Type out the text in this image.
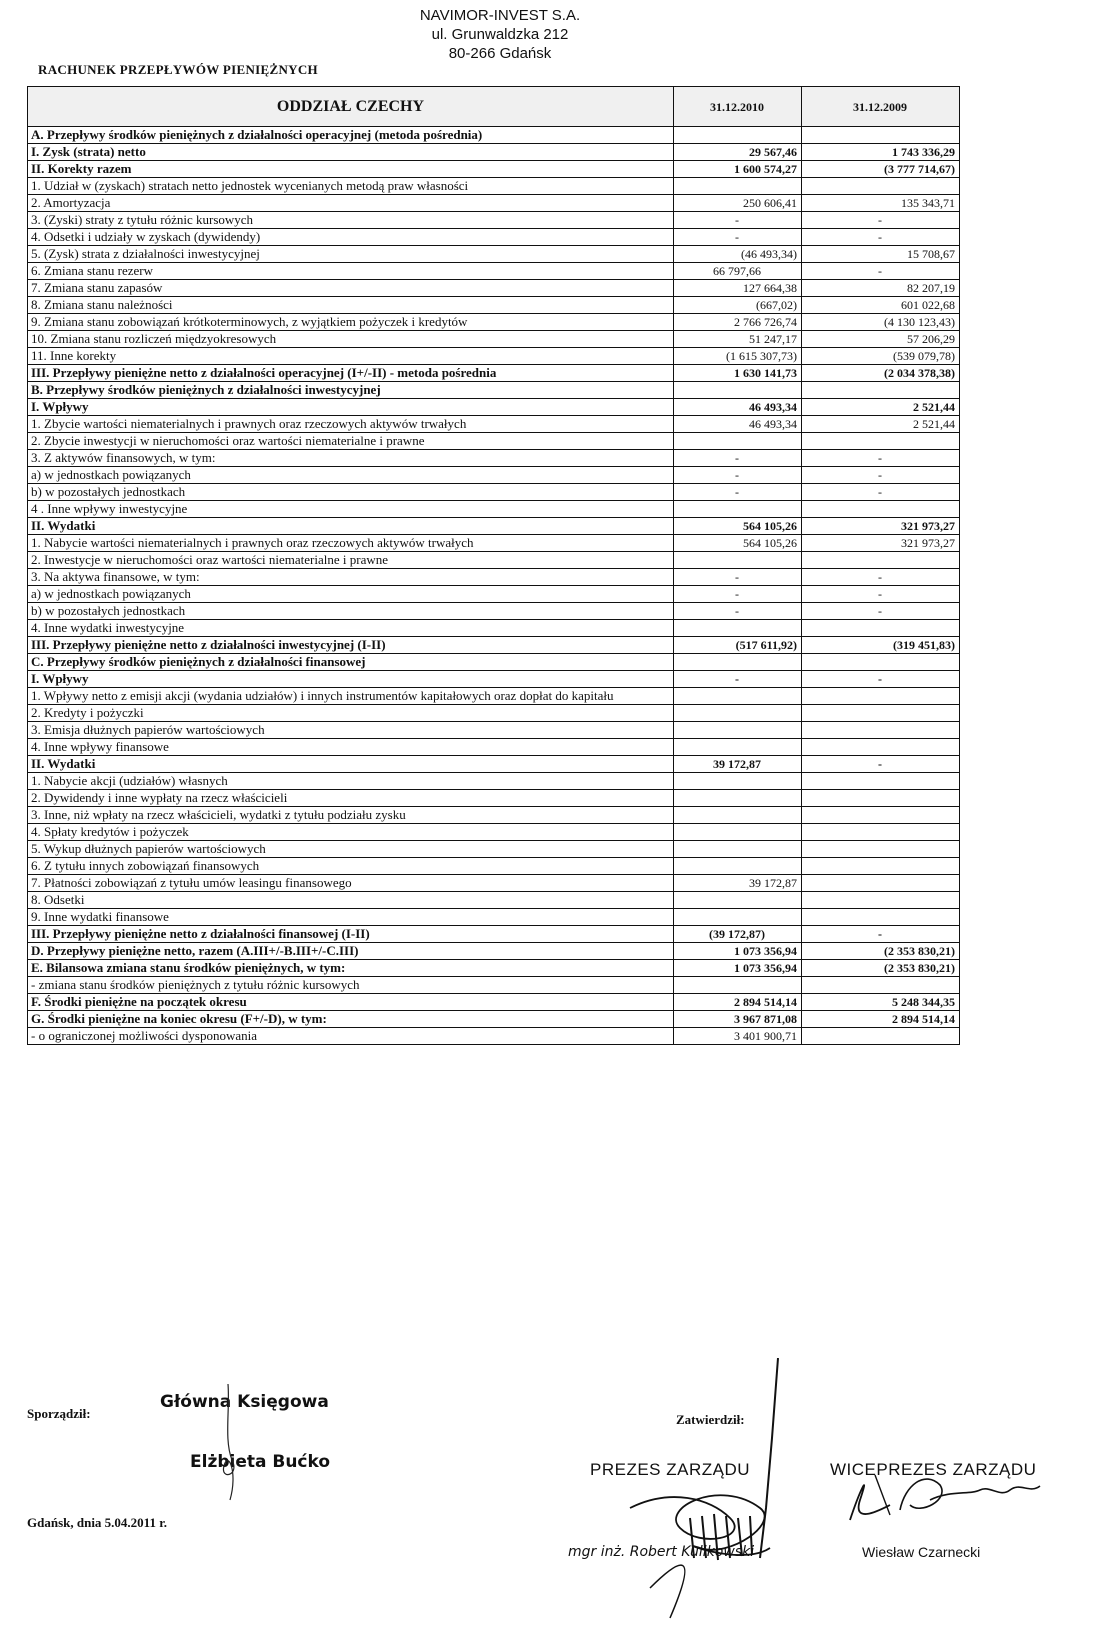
NAVIMOR-INVEST S.A.
ul. Grunwaldzka 212
80-266 Gdańsk
RACHUNEK PRZEPŁYWÓW PIENIĘŻNYCH
ODDZIAŁ CZECHY	31.12.2010	31.12.2009
A. Przepływy środków pieniężnych z działalności operacyjnej (metoda pośrednia)		
I. Zysk (strata) netto	29 567,46	1 743 336,29
II. Korekty razem	1 600 574,27	(3 777 714,67)
1. Udział w (zyskach) stratach netto jednostek wycenianych metodą praw własności		
2. Amortyzacja	250 606,41	135 343,71
3. (Zyski) straty z tytułu różnic kursowych	-	-
4. Odsetki i udziały w zyskach (dywidendy)	-	-
5. (Zysk) strata z działalności inwestycyjnej	(46 493,34)	15 708,67
6. Zmiana stanu rezerw	66 797,66	-
7. Zmiana stanu zapasów	127 664,38	82 207,19
8. Zmiana stanu należności	(667,02)	601 022,68
9. Zmiana stanu zobowiązań krótkoterminowych, z wyjątkiem pożyczek i kredytów	2 766 726,74	(4 130 123,43)
10. Zmiana stanu rozliczeń międzyokresowych	51 247,17	57 206,29
11. Inne korekty	(1 615 307,73)	(539 079,78)
III. Przepływy pieniężne netto z działalności operacyjnej (I+/-II) - metoda pośrednia	1 630 141,73	(2 034 378,38)
B. Przepływy środków pieniężnych z działalności inwestycyjnej		
I. Wpływy	46 493,34	2 521,44
1. Zbycie wartości niematerialnych i prawnych oraz rzeczowych aktywów trwałych	46 493,34	2 521,44
2. Zbycie inwestycji w nieruchomości oraz wartości niematerialne i prawne		
3. Z aktywów finansowych, w tym:	-	-
a) w jednostkach powiązanych	-	-
b) w pozostałych jednostkach	-	-
4 . Inne wpływy inwestycyjne		
II. Wydatki	564 105,26	321 973,27
1. Nabycie wartości niematerialnych i prawnych oraz rzeczowych aktywów trwałych	564 105,26	321 973,27
2. Inwestycje w nieruchomości oraz wartości niematerialne i prawne		
3. Na aktywa finansowe, w tym:	-	-
a) w jednostkach powiązanych	-	-
b) w pozostałych jednostkach	-	-
4. Inne wydatki inwestycyjne		
III. Przepływy pieniężne netto z działalności inwestycyjnej (I-II)	(517 611,92)	(319 451,83)
C. Przepływy środków pieniężnych z działalności finansowej		
I. Wpływy	-	-
1. Wpływy netto z emisji akcji (wydania udziałów) i innych instrumentów kapitałowych oraz dopłat do kapitału		
2. Kredyty i pożyczki		
3. Emisja dłużnych papierów wartościowych		
4. Inne wpływy finansowe		
II. Wydatki	39 172,87	-
1. Nabycie akcji (udziałów) własnych		
2. Dywidendy i inne wypłaty na rzecz właścicieli		
3. Inne, niż wpłaty na rzecz właścicieli, wydatki z tytułu podziału zysku		
4. Spłaty kredytów i pożyczek		
5. Wykup dłużnych papierów wartościowych		
6. Z tytułu innych zobowiązań finansowych		
7. Płatności zobowiązań z tytułu umów leasingu finansowego	39 172,87	
8. Odsetki		
9. Inne wydatki finansowe		
III. Przepływy pieniężne netto z działalności finansowej (I-II)	(39 172,87)	-
D. Przepływy pieniężne netto, razem (A.III+/-B.III+/-C.III)	1 073 356,94	(2 353 830,21)
E. Bilansowa zmiana stanu środków pieniężnych, w tym:	1 073 356,94	(2 353 830,21)
- zmiana stanu środków pieniężnych z tytułu różnic kursowych		
F. Środki pieniężne na początek okresu	2 894 514,14	5 248 344,35
G. Środki pieniężne na koniec okresu (F+/-D), w tym:	3 967 871,08	2 894 514,14
- o ograniczonej możliwości dysponowania	3 401 900,71	
Sporządził:
Główna Księgowa
Elżbieta Bućko
Gdańsk, dnia 5.04.2011 r.
Zatwierdził:
PREZES ZARZĄDU
mgr inż. Robert Kulikowski
WICEPREZES ZARZĄDU
Wiesław Czarnecki
